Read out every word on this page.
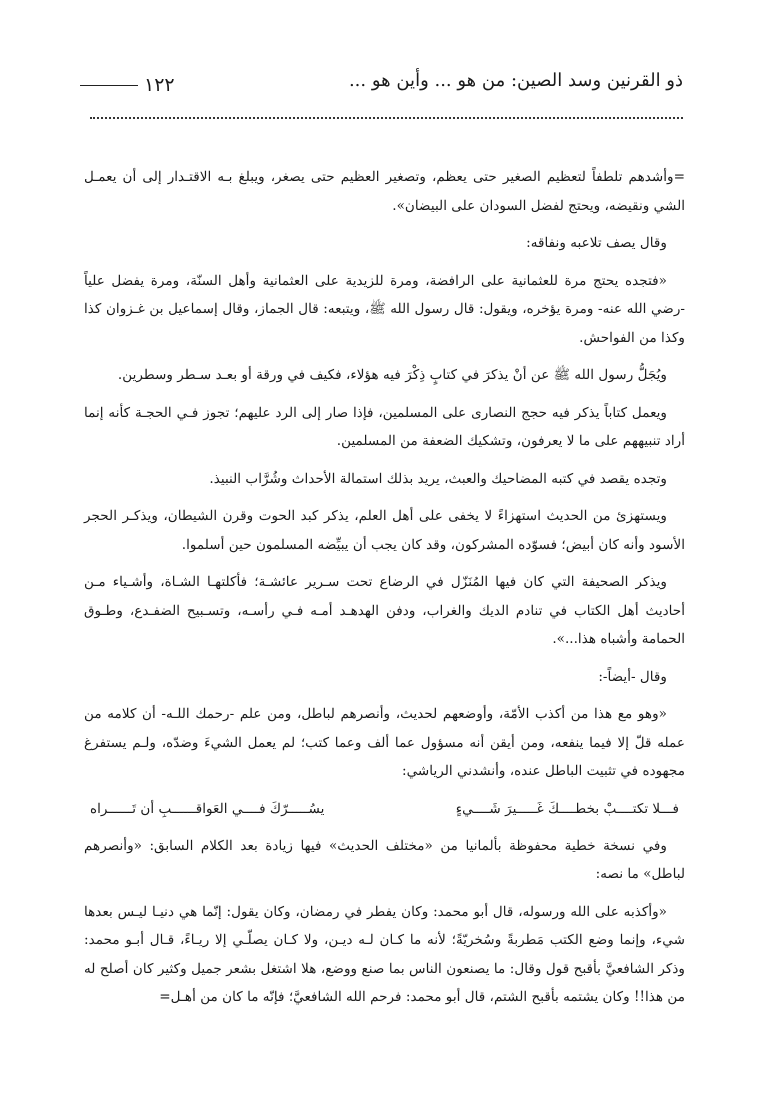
١٢٢	ذو القرنين وسد الصين: من هو ... وأين هو ...

=وأشدهم تلطفاً لتعظيم الصغير حتى يعظم، وتصغير العظيم حتى يصغر، ويبلغ بـه الاقتـدار إلى أن يعمـل الشي ونقيضه، ويحتج لفضل السودان على البيضان».

وقال يصف تلاعبه ونفاقه:

«فتجده يحتج مرة للعثمانية على الرافضة، ومرة للزيدية على العثمانية وأهل السنّة، ومرة يفضل علياً -رضي الله عنه- ومرة يؤخره، ويقول: قال رسول الله ﷺ، ويتبعه: قال الجماز، وقال إسماعيل بن غـزوان كذا وكذا من الفواحش.

ويُجَلُّ رسول الله ﷺ عن أنْ يذكرَ في كتابٍ ذِكْرَ فيه هؤلاء، فكيف في ورقة أو بعـد سـطر وسطرين.

ويعمل كتاباً يذكر فيه حجج النصارى على المسلمين، فإذا صار إلى الرد عليهم؛ تجوز فـي الحجـة كأنه إنما أراد تنبيههم على ما لا يعرفون، وتشكيك الضعفة من المسلمين.

وتجده يقصد في كتبه المضاحيك والعبث، يريد بذلك استمالة الأحداث وشُرَّاب النبيذ.

ويستهزئ من الحديث استهزاءً لا يخفى على أهل العلم، يذكر كبد الحوت وقرن الشيطان، ويذكـر الحجر الأسود وأنه كان أبيض؛ فسوّده المشركون، وقد كان يجب أن يبيِّضه المسلمون حين أسلموا.

ويذكر الصحيفة التي كان فيها المُنَزّل في الرضاع تحت سـرير عائشـة؛ فأكلتهـا الشـاة، وأشـياء مـن أحاديث أهل الكتاب في تنادم الديك والغراب، ودفن الهدهـد أمـه فـي رأسـه، وتسـبيح الضفـدع، وطـوق الحمامة وأشباه هذا...».

وقال -أيضاً-:

«وهو مع هذا من أكذب الأمّة، وأوضعهم لحديث، وأنصرهم لباطل، ومن علم -رحمك اللـه- أن كلامه من عمله قلّ إلا فيما ينفعه، ومن أيقن أنه مسؤول عما ألف وعما كتب؛ لم يعمل الشيءَ وضدّه، ولـم يستفرغ مجهوده في تثبيت الباطل عنده، وأنشدني الرياشي:

فـــلا تكتــــبْ بخطــــكَ غَـــــيرَ شَــــيءٍ
يسُـــــرّكَ فــــي العَواقــــــبِ أن تَــــــراه

وفي نسخة خطية محفوظة بألمانيا من «مختلف الحديث» فيها زيادة بعد الكلام السابق: «وأنصرهم لباطل» ما نصه:

«وأكذبه على الله ورسوله، قال أبو محمد: وكان يفطر في رمضان، وكان يقول: إنّما هي دنيـا ليـس بعدها شيء، وإنما وضع الكتب مَطربةً وسُخريّةً؛ لأنه ما كـان لـه ديـن، ولا كـان يصلّـي إلا ريـاءً، قـال أبـو محمد: وذكر الشافعيَّ بأقبح قول وقال: ما يصنعون الناس بما صنع ووضع، هلا اشتغل بشعر جميل وكثير كان أصلح له من هذا!! وكان يشتمه بأقبح الشتم، قال أبو محمد: فرحم الله الشافعيَّ؛ فإنّه ما كان من أهـل=
